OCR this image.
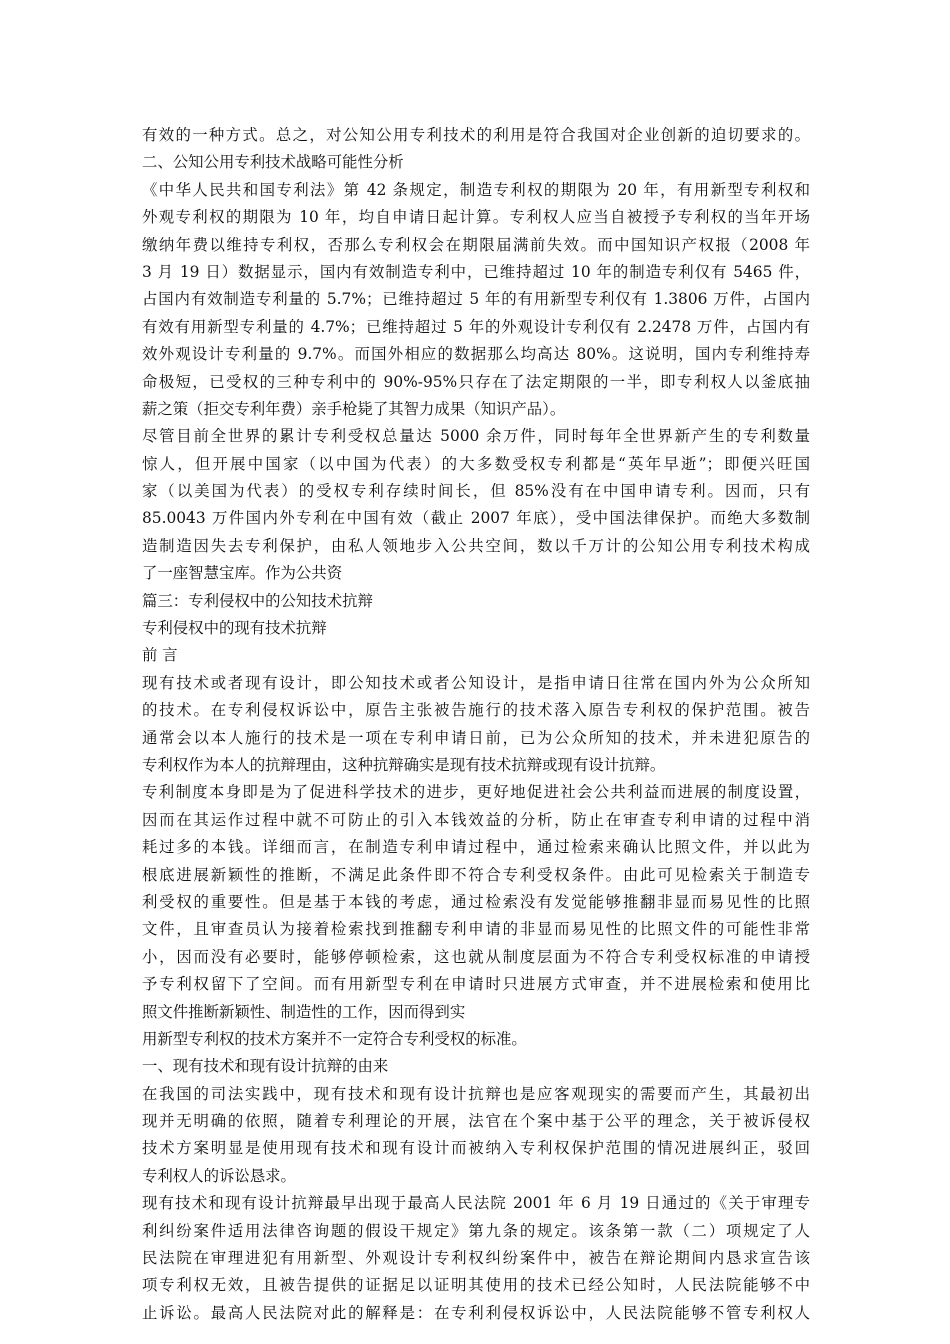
有效的一种方式。总之，对公知公用专利技术的利用是符合我国对企业创新的迫切要求的。
二、公知公用专利技术战略可能性分析
《中华人民共和国专利法》第 42 条规定，制造专利权的期限为 20 年，有用新型专利权和
外观专利权的期限为 10 年，均自申请日起计算。专利权人应当自被授予专利权的当年开场
缴纳年费以维持专利权，否那么专利权会在期限届满前失效。而中国知识产权报（2008 年
3 月 19 日）数据显示，国内有效制造专利中，已维持超过 10 年的制造专利仅有 5465 件，
占国内有效制造专利量的 5.7%；已维持超过 5 年的有用新型专利仅有 1.3806 万件，占国内
有效有用新型专利量的 4.7%；已维持超过 5 年的外观设计专利仅有 2.2478 万件，占国内有
效外观设计专利量的 9.7%。而国外相应的数据那么均高达 80%。这说明，国内专利维持寿
命极短，已受权的三种专利中的 90%-95%只存在了法定期限的一半，即专利权人以釜底抽
薪之策（拒交专利年费）亲手枪毙了其智力成果（知识产品）。
尽管目前全世界的累计专利受权总量达 5000 余万件，同时每年全世界新产生的专利数量
惊人，但开展中国家（以中国为代表）的大多数受权专利都是“英年早逝”；即便兴旺国
家（以美国为代表）的受权专利存续时间长，但 85%没有在中国申请专利。因而，只有
85.0043 万件国内外专利在中国有效（截止 2007 年底），受中国法律保护。而绝大多数制
造制造因失去专利保护，由私人领地步入公共空间，数以千万计的公知公用专利技术构成
了一座智慧宝库。作为公共资
篇三：专利侵权中的公知技术抗辩
专利侵权中的现有技术抗辩
前 言
现有技术或者现有设计，即公知技术或者公知设计，是指申请日往常在国内外为公众所知
的技术。在专利侵权诉讼中，原告主张被告施行的技术落入原告专利权的保护范围。被告
通常会以本人施行的技术是一项在专利申请日前，已为公众所知的技术，并未进犯原告的
专利权作为本人的抗辩理由，这种抗辩确实是现有技术抗辩或现有设计抗辩。
专利制度本身即是为了促进科学技术的进步，更好地促进社会公共利益而进展的制度设置，
因而在其运作过程中就不可防止的引入本钱效益的分析，防止在审查专利申请的过程中消
耗过多的本钱。详细而言，在制造专利申请过程中，通过检索来确认比照文件，并以此为
根底进展新颖性的推断，不满足此条件即不符合专利受权条件。由此可见检索关于制造专
利受权的重要性。但是基于本钱的考虑，通过检索没有发觉能够推翻非显而易见性的比照
文件，且审查员认为接着检索找到推翻专利申请的非显而易见性的比照文件的可能性非常
小，因而没有必要时，能够停顿检索，这也就从制度层面为不符合专利受权标准的申请授
予专利权留下了空间。而有用新型专利在申请时只进展方式审查，并不进展检索和使用比
照文件推断新颖性、制造性的工作，因而得到实
用新型专利权的技术方案并不一定符合专利受权的标准。
一、现有技术和现有设计抗辩的由来
在我国的司法实践中，现有技术和现有设计抗辩也是应客观现实的需要而产生，其最初出
现并无明确的依照，随着专利理论的开展，法官在个案中基于公平的理念，关于被诉侵权
技术方案明显是使用现有技术和现有设计而被纳入专利权保护范围的情况进展纠正，驳回
专利权人的诉讼恳求。
现有技术和现有设计抗辩最早出现于最高人民法院 2001 年 6 月 19 日通过的《关于审理专
利纠纷案件适用法律咨询题的假设干规定》第九条的规定。该条第一款（二）项规定了人
民法院在审理进犯有用新型、外观设计专利权纠纷案件中，被告在辩论期间内恳求宣告该
项专利权无效，且被告提供的证据足以证明其使用的技术已经公知时，人民法院能够不中
止诉讼。最高人民法院对此的解释是：在专利利侵权诉讼中，人民法院能够不管专利权人
